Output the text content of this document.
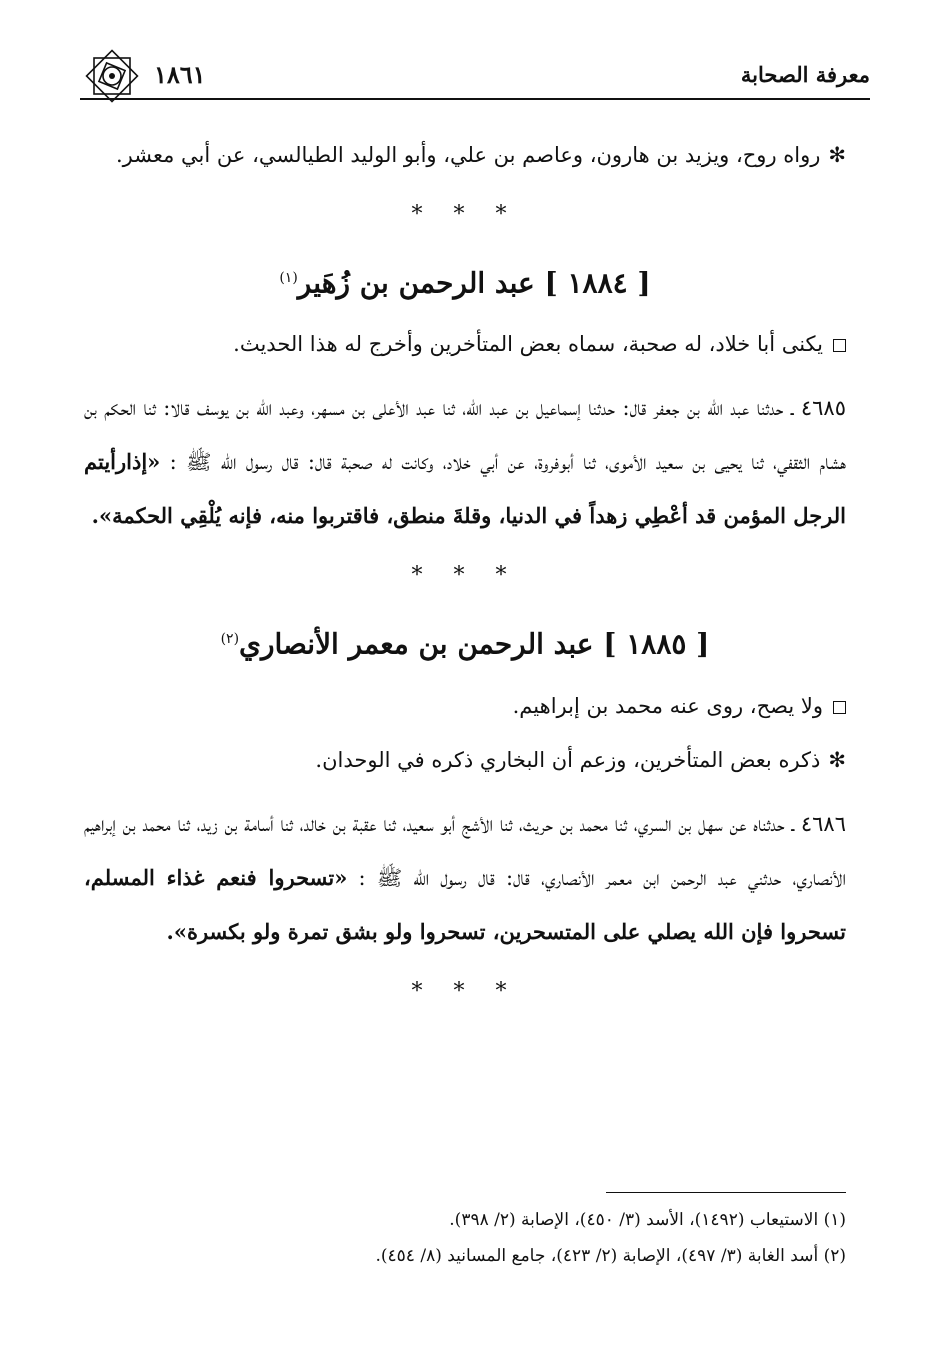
معرفة الصحابة
١٨٦١

✻رواه روح، ويزيد بن هارون، وعاصم بن علي، وأبو الوليد الطيالسي، عن أبي معشر.

* * *
[ ١٨٨٤ ] عبد الرحمن بن زُهَير$^{(١)}$

يكنى أبا خلاد، له صحبة، سماه بعض المتأخرين وأخرج له هذا الحديث.

٤٦٨٥ ـ حدثنا عبد الله بن جعفر قال: حدثنا إسماعيل بن عبد الله، ثنا عبد الأعلى بن مسهر، وعبد الله بن يوسف قالا: ثنا الحكم بن هشام الثقفي، ثنا يحيى بن سعيد الأموى، ثنا أبوفروة، عن أبي خلاد، وكانت له صحبة قال: قال رسول الله ﷺ : «إذارأيتم الرجل المؤمن قد أعْطِي زهداً في الدنيا، وقلةَ منطق، فاقتربوا منه، فإنه يُلْقِي الحكمة».

* * *
[ ١٨٨٥ ] عبد الرحمن بن معمر الأنصاري$^{(٢)}$

ولا يصح، روى عنه محمد بن إبراهيم.

✻ذكره بعض المتأخرين، وزعم أن البخاري ذكره في الوحدان.

٤٦٨٦ ـ حدثناه عن سهل بن السري، ثنا محمد بن حريث، ثنا الأشج أبو سعيد، ثنا عقبة بن خالد، ثنا أسامة بن زيد، ثنا محمد بن إبراهيم الأنصاري، حدثني عبد الرحمن ابن معمر الأنصاري، قال: قال رسول الله ﷺ : «تسحروا فنعم غذاء المسلم، تسحروا فإن الله يصلي على المتسحرين، تسحروا ولو بشق تمرة ولو بكسرة».

* * *

(١) الاستيعاب (١٤٩٢)، الأسد (٣/ ٤٥٠)، الإصابة (٢/ ٣٩٨).

(٢) أسد الغابة (٣/ ٤٩٧)، الإصابة (٢/ ٤٢٣)، جامع المسانيد (٨/ ٤٥٤).
